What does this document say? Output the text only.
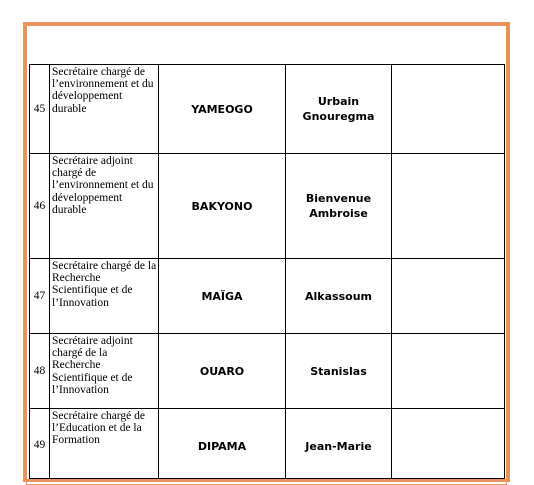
45	Secrétaire chargé de l’environnement et du développement durable	YAMEOGO	Urbain Gnouregma	
46	Secrétaire adjoint chargé de l’environnement et du développement durable	BAKYONO	Bienvenue Ambroise	
47	Secrétaire chargé de la Recherche Scientifique et de l’Innovation	MAÏGA	Alkassoum	
48	Secrétaire adjoint chargé de la Recherche Scientifique et de l’Innovation	OUARO	Stanislas	
49	Secrétaire chargé de l’Education et de la Formation	DIPAMA	Jean-Marie	
